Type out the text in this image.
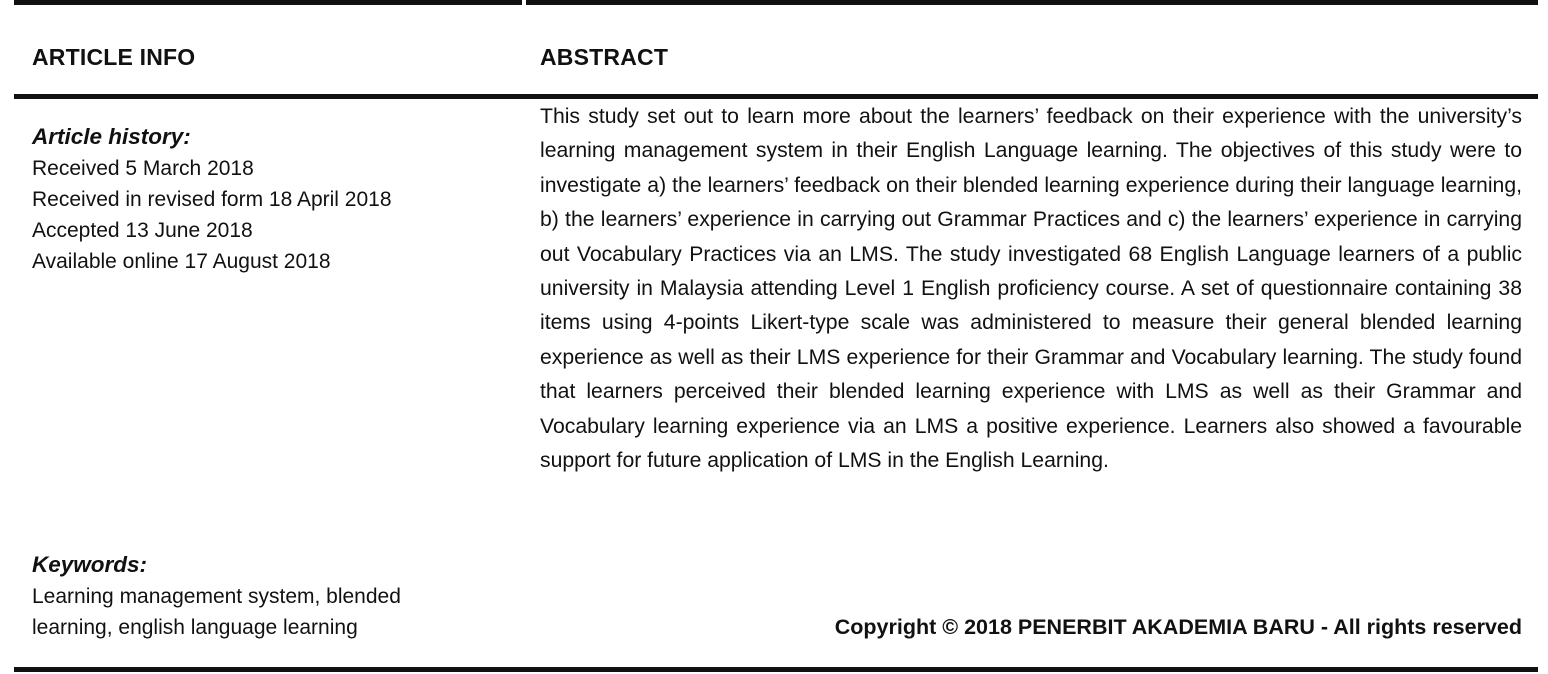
ARTICLE INFO	ABSTRACT
Article history:
Received 5 March 2018
Received in revised form 18 April 2018
Accepted 13 June 2018
Available online 17 August 2018
This study set out to learn more about the learners’ feedback on their experience with the university’s learning management system in their English Language learning. The objectives of this study were to investigate a) the learners’ feedback on their blended learning experience during their language learning, b) the learners’ experience in carrying out Grammar Practices and c) the learners’ experience in carrying out Vocabulary Practices via an LMS. The study investigated 68 English Language learners of a public university in Malaysia attending Level 1 English proficiency course. A set of questionnaire containing 38 items using 4-points Likert-type scale was administered to measure their general blended learning experience as well as their LMS experience for their Grammar and Vocabulary learning. The study found that learners perceived their blended learning experience with LMS as well as their Grammar and Vocabulary learning experience via an LMS a positive experience. Learners also showed a favourable support for future application of LMS in the English Learning.
Keywords:
Learning management system, blended
learning, english language learning	Copyright © 2018 PENERBIT AKADEMIA BARU - All rights reserved
